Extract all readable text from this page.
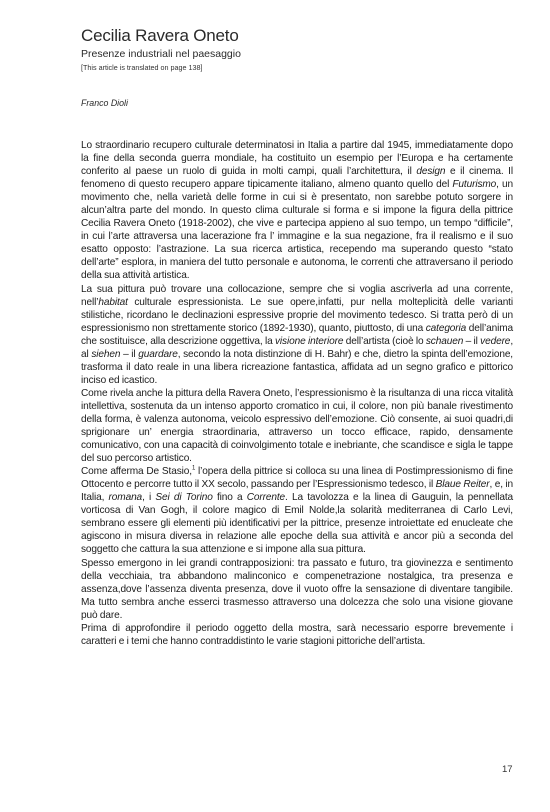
Cecilia Ravera Oneto
Presenze industriali nel paesaggio
[This article is translated on page 138]
Franco Dioli

Lo straordinario recupero culturale determinatosi in Italia a partire dal 1945, immediatamente dopo la fine della seconda guerra mondiale, ha costituito un esempio per l’Europa e ha certamente conferito al paese un ruolo di guida in molti campi, quali l’architettura, il design e il cinema. Il fenomeno di questo recupero appare tipicamente italiano, almeno quanto quello del Futurismo, un movimento che, nella varietà delle forme in cui si è presentato, non sarebbe potuto sorgere in alcun’altra parte del mondo. In questo clima culturale si forma e si impone la figura della pittrice Cecilia Ravera Oneto (1918-2002), che vive e partecipa appieno al suo tempo, un tempo “difficile”, in cui l’arte attraversa una lacerazione fra l’ immagine e la sua negazione, fra il realismo e il suo esatto opposto: l’astrazione. La sua ricerca artistica, recependo ma superando questo “stato dell’arte” esplora, in maniera del tutto personale e autonoma, le correnti che attraversano il periodo della sua attività artistica.

La sua pittura può trovare una collocazione, sempre che si voglia ascriverla ad una corrente, nell’habitat culturale espressionista. Le sue opere,infatti, pur nella molteplicità delle varianti stilistiche, ricordano le declinazioni espressive proprie del movimento tedesco. Si tratta però di un espressionismo non strettamente storico (1892-1930), quanto, piuttosto, di una categoria dell’anima che sostituisce, alla descrizione oggettiva, la visione interiore dell’artista (cioè lo schauen – il vedere, al siehen – il guardare, secondo la nota distinzione di H. Bahr) e che, dietro la spinta dell’emozione, trasforma il dato reale in una libera ricreazione fantastica, affidata ad un segno grafico e pittorico inciso ed icastico.

Come rivela anche la pittura della Ravera Oneto, l’espressionismo è la risultanza di una ricca vitalità intellettiva, sostenuta da un intenso apporto cromatico in cui, il colore, non più banale rivestimento della forma, è valenza autonoma, veicolo espressivo dell’emozione. Ciò consente, ai suoi quadri,di sprigionare un’ energia straordinaria, attraverso un tocco efficace, rapido, densamente comunicativo, con una capacità di coinvolgimento totale e inebriante, che scandisce e sigla le tappe del suo percorso artistico.

Come afferma De Stasio,$^1$ l’opera della pittrice si colloca su una linea di Postimpressionismo di fine Ottocento e percorre tutto il XX secolo, passando per l’Espressionismo tedesco, il Blaue Reiter, e, in Italia, romana, i Sei di Torino fino a Corrente. La tavolozza e la linea di Gauguin, la pennellata vorticosa di Van Gogh, il colore magico di Emil Nolde,la solarità mediterranea di Carlo Levi, sembrano essere gli elementi più identificativi per la pittrice, presenze introiettate ed enucleate che agiscono in misura diversa in relazione alle epoche della sua attività e ancor più a seconda del soggetto che cattura la sua attenzione e si impone alla sua pittura.

Spesso emergono in lei grandi contrapposizioni: tra passato e futuro, tra giovinezza e sentimento della vecchiaia, tra abbandono malinconico e compenetrazione nostalgica, tra presenza e assenza,dove l’assenza diventa presenza, dove il vuoto offre la sensazione di diventare tangibile. Ma tutto sembra anche esserci trasmesso attraverso una dolcezza che solo una visione giovane può dare.

Prima di approfondire il periodo oggetto della mostra, sarà necessario esporre brevemente i caratteri e i temi che hanno contraddistinto le varie stagioni pittoriche dell’artista.

17
